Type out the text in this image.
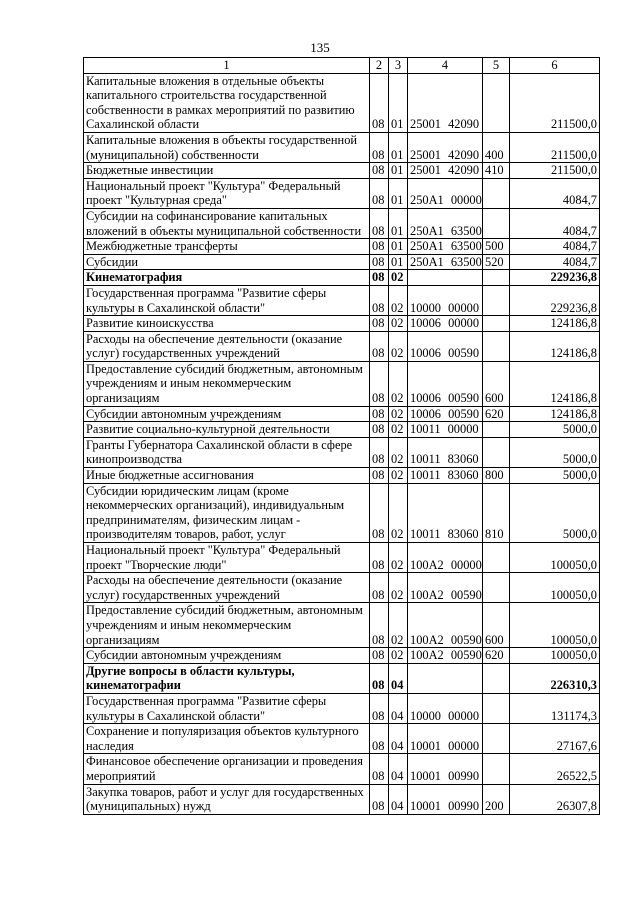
135
1	2	3	4	5	6
Капитальные вложения в отдельные объекты капитального строительства государственной собственности в рамках мероприятий по развитию Сахалинской области	08	01	25001 42090		211500,0
Капитальные вложения в объекты государственной (муниципальной) собственности	08	01	25001 42090	400	211500,0
Бюджетные инвестиции	08	01	25001 42090	410	211500,0
Национальный проект "Культура" Федеральный проект "Культурная среда"	08	01	250А1 00000		4084,7
Субсидии на софинансирование капитальных вложений в объекты муниципальной собственности	08	01	250А1 63500		4084,7
Межбюджетные трансферты	08	01	250А1 63500	500	4084,7
Субсидии	08	01	250А1 63500	520	4084,7
Кинематография	08	02			229236,8
Государственная программа "Развитие сферы культуры в Сахалинской области"	08	02	10000 00000		229236,8
Развитие киноискусства	08	02	10006 00000		124186,8
Расходы на обеспечение деятельности (оказание услуг) государственных учреждений	08	02	10006 00590		124186,8
Предоставление субсидий бюджетным, автономным учреждениям и иным некоммерческим организациям	08	02	10006 00590	600	124186,8
Субсидии автономным учреждениям	08	02	10006 00590	620	124186,8
Развитие социально-культурной деятельности	08	02	10011 00000		5000,0
Гранты Губернатора Сахалинской области в сфере кинопроизводства	08	02	10011 83060		5000,0
Иные бюджетные ассигнования	08	02	10011 83060	800	5000,0
Субсидии юридическим лицам (кроме некоммерческих организаций), индивидуальным предпринимателям, физическим лицам - производителям товаров, работ, услуг	08	02	10011 83060	810	5000,0
Национальный проект "Культура" Федеральный проект "Творческие люди"	08	02	100А2 00000		100050,0
Расходы на обеспечение деятельности (оказание услуг) государственных учреждений	08	02	100А2 00590		100050,0
Предоставление субсидий бюджетным, автономным учреждениям и иным некоммерческим организациям	08	02	100А2 00590	600	100050,0
Субсидии автономным учреждениям	08	02	100А2 00590	620	100050,0
Другие вопросы в области культуры, кинематографии	08	04			226310,3
Государственная программа "Развитие сферы культуры в Сахалинской области"	08	04	10000 00000		131174,3
Сохранение и популяризация объектов культурного наследия	08	04	10001 00000		27167,6
Финансовое обеспечение организации и проведения мероприятий	08	04	10001 00990		26522,5
Закупка товаров, работ и услуг для государственных (муниципальных) нужд	08	04	10001 00990	200	26307,8
